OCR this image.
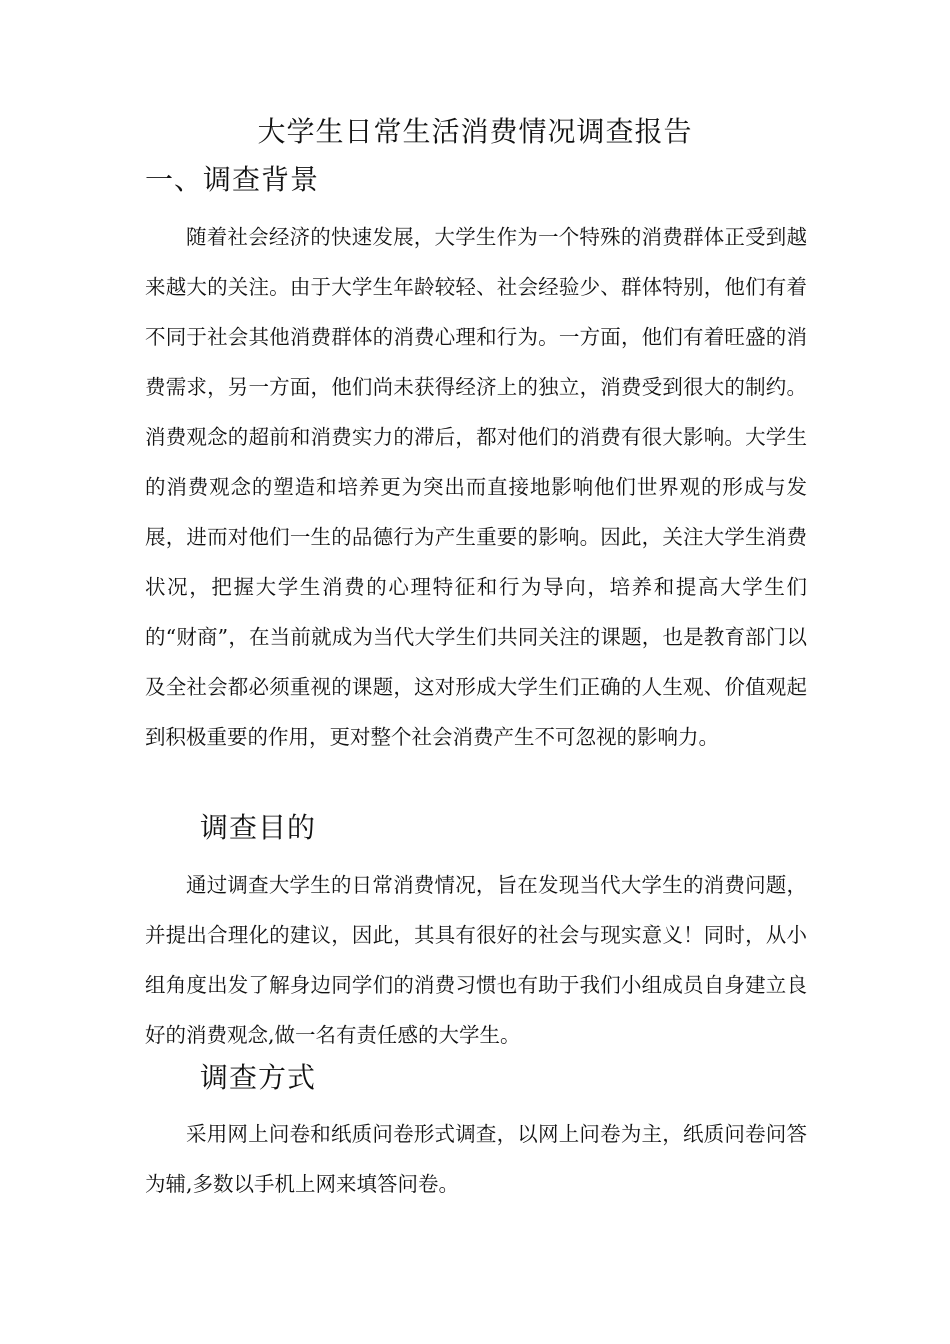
大学生日常生活消费情况调查报告
一、调查背景

随着社会经济的快速发展，大学生作为一个特殊的消费群体正受到越来越大的关注。由于大学生年龄较轻、社会经验少、群体特别，他们有着不同于社会其他消费群体的消费心理和行为。一方面，他们有着旺盛的消费需求，另一方面，他们尚未获得经济上的独立，消费受到很大的制约。消费观念的超前和消费实力的滞后，都对他们的消费有很大影响。大学生的消费观念的塑造和培养更为突出而直接地影响他们世界观的形成与发展，进而对他们一生的品德行为产生重要的影响。因此，关注大学生消费状况，把握大学生消费的心理特征和行为导向，培养和提高大学生们的“财商”，在当前就成为当代大学生们共同关注的课题，也是教育部门以及全社会都必须重视的课题，这对形成大学生们正确的人生观、价值观起到积极重要的作用，更对整个社会消费产生不可忽视的影响力。

调查目的

通过调查大学生的日常消费情况，旨在发现当代大学生的消费问题，并提出合理化的建议，因此，其具有很好的社会与现实意义！同时，从小组角度出发了解身边同学们的消费习惯也有助于我们小组成员自身建立良好的消费观念,做一名有责任感的大学生。

调查方式

采用网上问卷和纸质问卷形式调查，以网上问卷为主，纸质问卷问答为辅,多数以手机上网来填答问卷。
